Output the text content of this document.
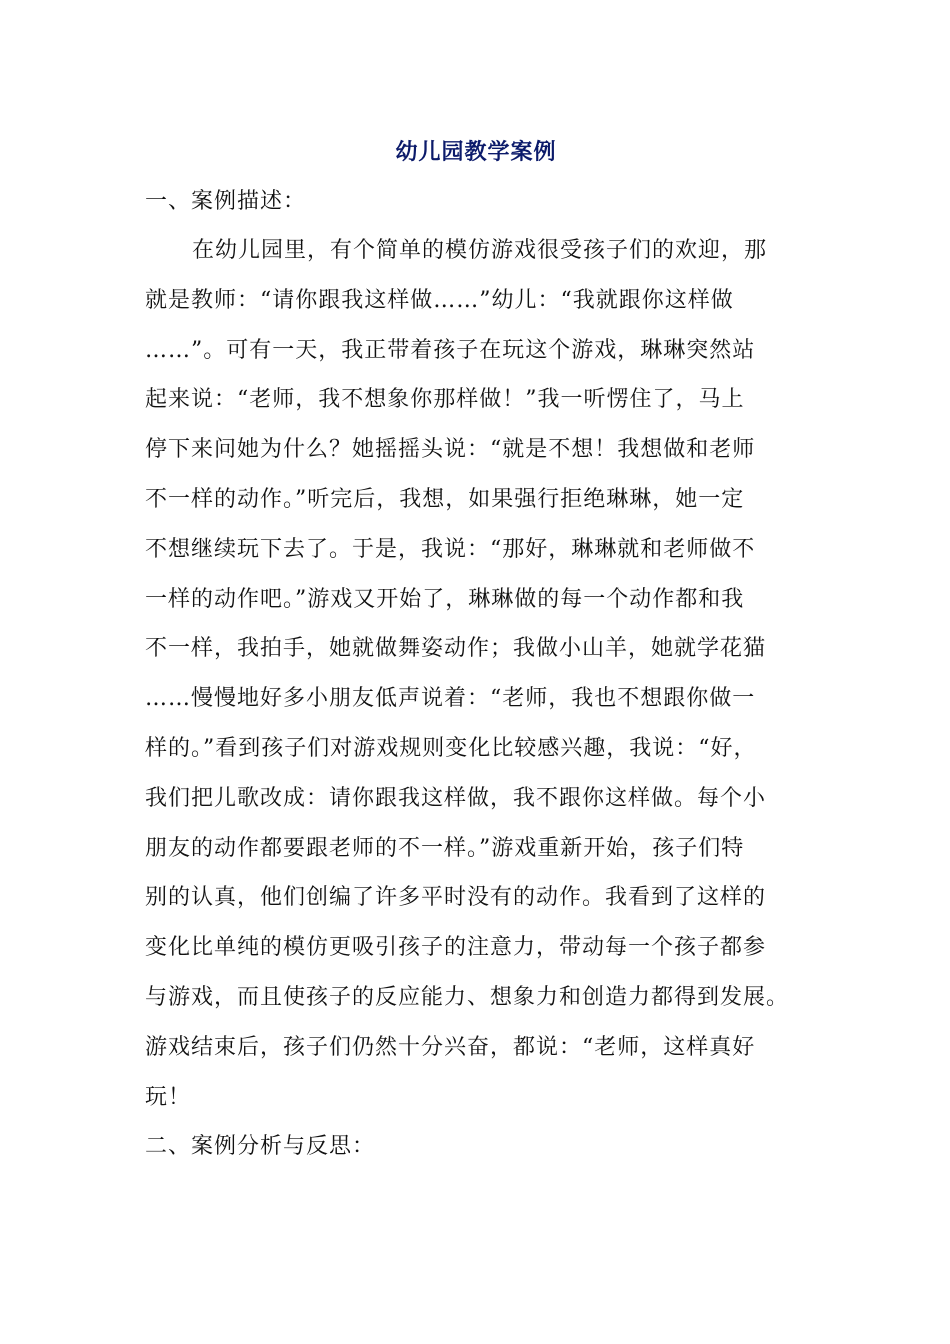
幼儿园教学案例

一、案例描述：

在幼儿园里，有个简单的模仿游戏很受孩子们的欢迎，那

就是教师：“请你跟我这样做……”幼儿：“我就跟你这样做

……”。可有一天，我正带着孩子在玩这个游戏，琳琳突然站

起来说：“老师，我不想象你那样做！”我一听愣住了，马上

停下来问她为什么？她摇摇头说：“就是不想！我想做和老师

不一样的动作。”听完后，我想，如果强行拒绝琳琳，她一定

不想继续玩下去了。于是，我说：“那好，琳琳就和老师做不

一样的动作吧。”游戏又开始了，琳琳做的每一个动作都和我

不一样，我拍手，她就做舞姿动作；我做小山羊，她就学花猫

……慢慢地好多小朋友低声说着：“老师，我也不想跟你做一

样的。”看到孩子们对游戏规则变化比较感兴趣，我说：“好，

我们把儿歌改成：请你跟我这样做，我不跟你这样做。每个小

朋友的动作都要跟老师的不一样。”游戏重新开始，孩子们特

别的认真，他们创编了许多平时没有的动作。我看到了这样的

变化比单纯的模仿更吸引孩子的注意力，带动每一个孩子都参

与游戏，而且使孩子的反应能力、想象力和创造力都得到发展。

游戏结束后，孩子们仍然十分兴奋，都说：“老师，这样真好

玩！

二、案例分析与反思：
